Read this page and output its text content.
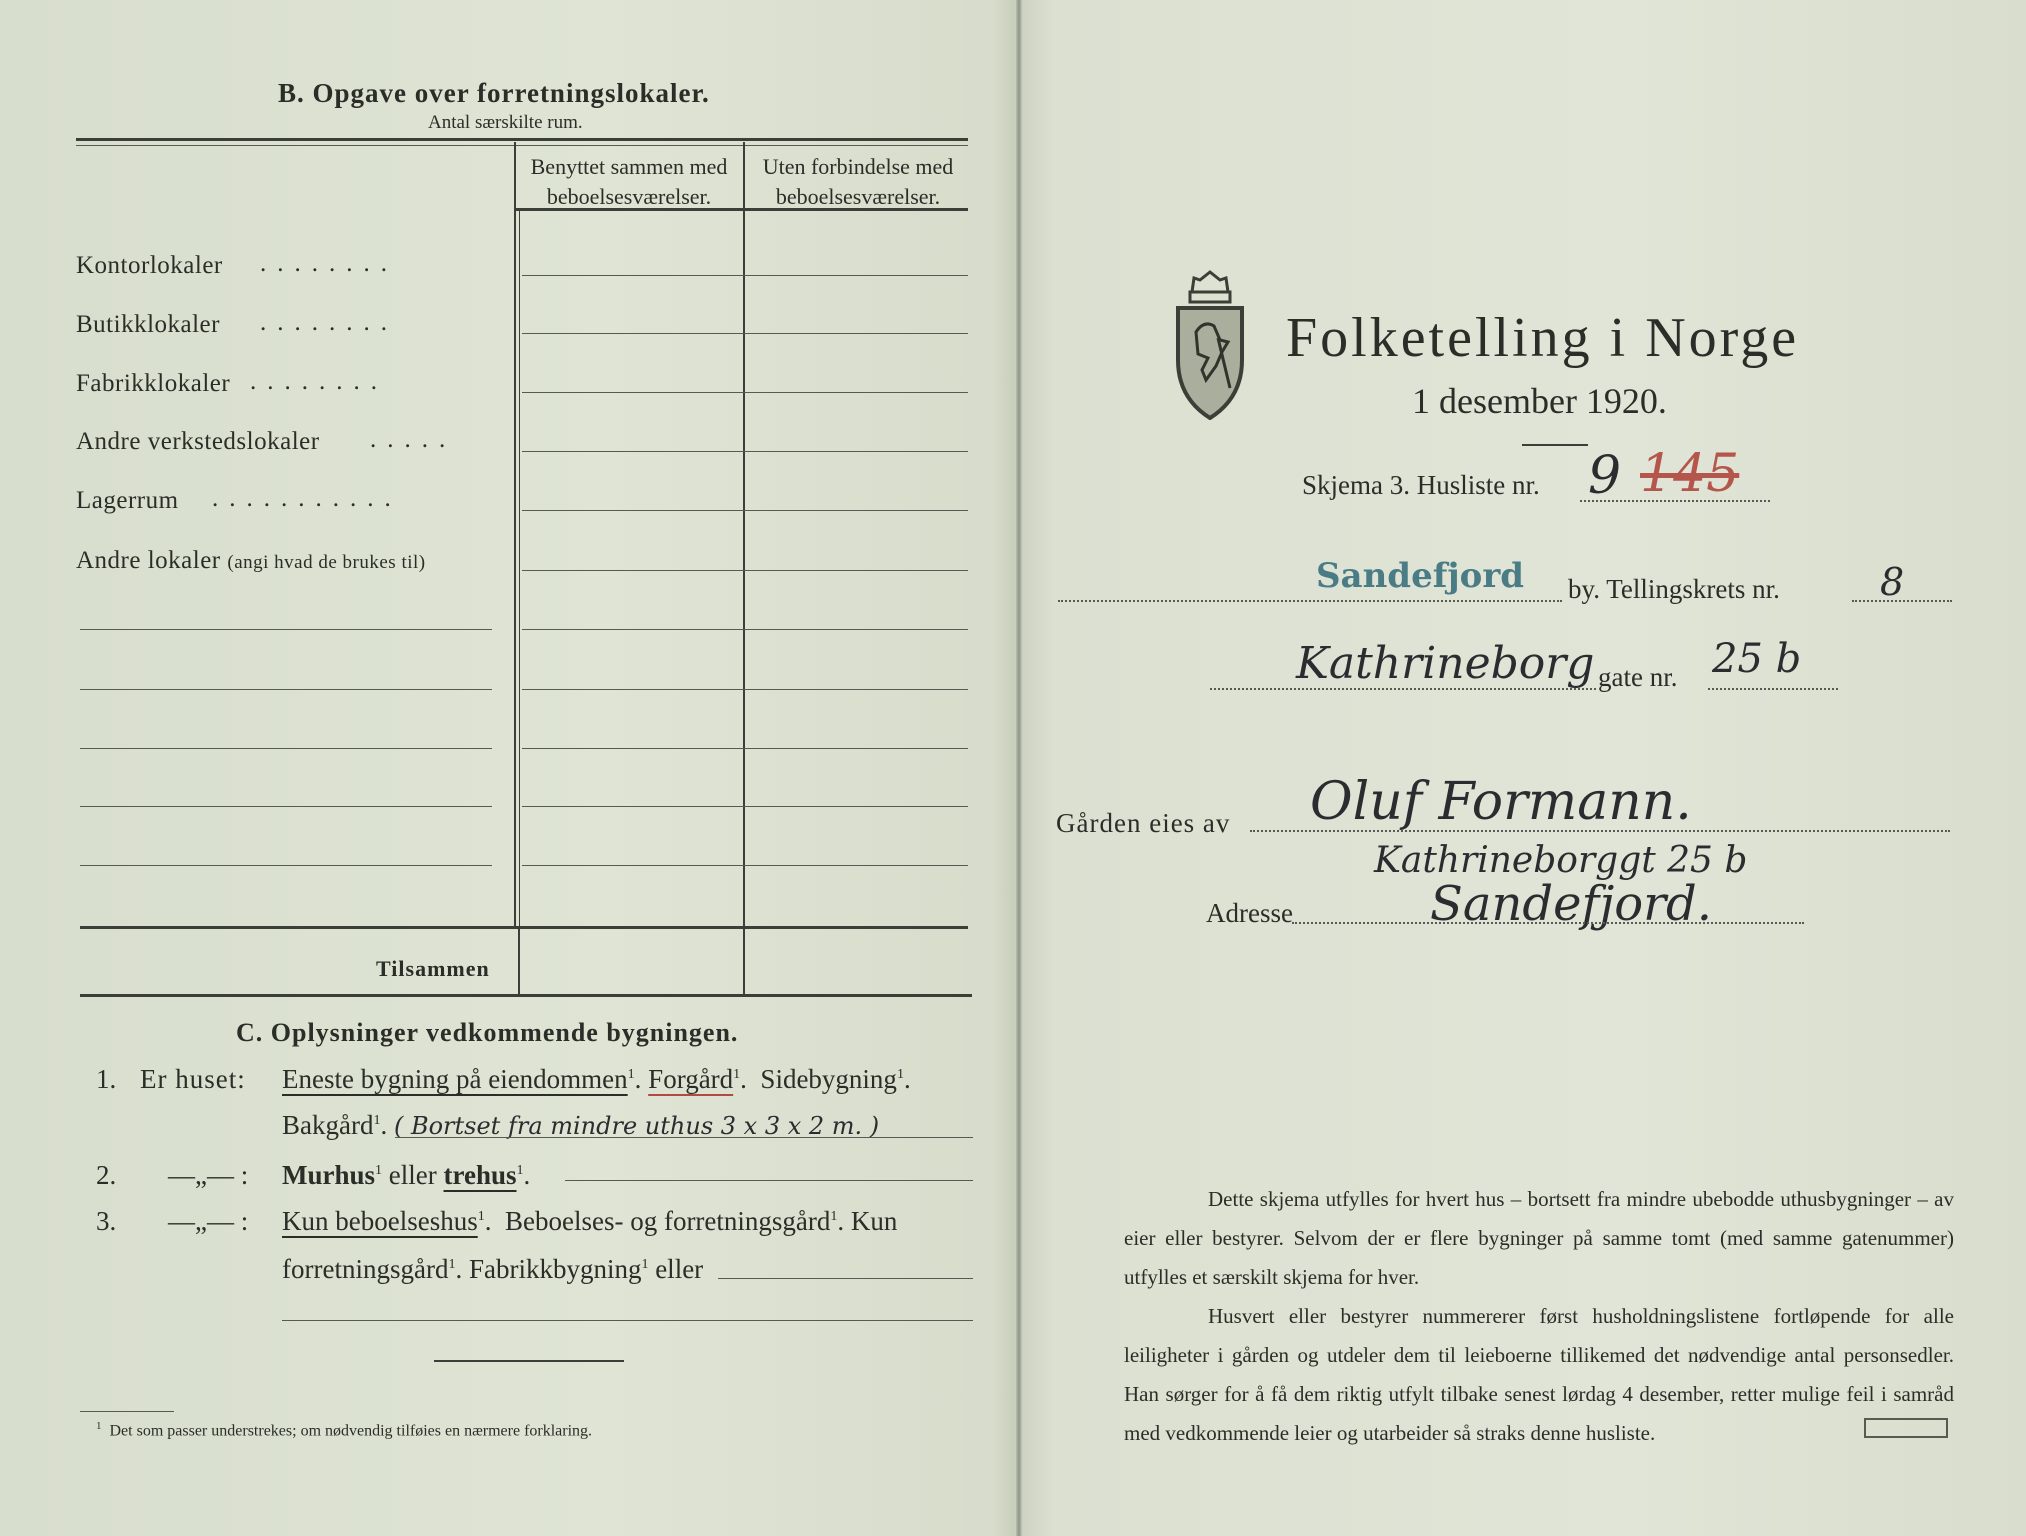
B. Opgave over forretningslokaler.
Antal særskilte rum.
Benyttet sammen med beboelsesværelser.
Uten forbindelse med beboelsesværelser.
Kontorlokaler ........
Butikklokaler ........
Fabrikklokaler ........
Andre verkstedslokaler .....
Lagerrum ...........
Andre lokaler (angi hvad de brukes til)
Tilsammen
C. Oplysninger vedkommende bygningen.
1. Er huset: Eneste bygning på eiendommen$^1$. Forgård$^1$.  Sidebygning$^1$.
Bakgård$^1$. ( Bortset fra mindre uthus 3 x 3 x 2 m. )
2. —„— : Murhus$^1$ eller trehus$^1$.
3. —„— : Kun beboelseshus$^1$.  Beboelses- og forretningsgård$^1$. Kun
forretningsgård$^1$. Fabrikkbygning$^1$ eller
$^1$ Det som passer understrekes; om nødvendig tilføies en nærmere forklaring.
Folketelling i Norge
1 desember 1920.
Skjema 3. Husliste nr. 9 145
Sandefjord by. Tellingskrets nr.	8
Kathrineborg gate nr. 25 b
Gården eies av Oluf Formann.
Kathrineborggt 25 b
Adresse	Sandefjord.
Dette skjema utfylles for hvert hus – bortsett fra mindre ubebodde uthusbygninger – av eier eller bestyrer. Selvom der er flere bygninger på samme tomt (med samme gatenummer) utfylles et særskilt skjema for hver.
Husvert eller bestyrer nummererer først husholdningslistene fortløpende for alle leiligheter i gården og utdeler dem til leieboerne tillikemed det nødvendige antal personsedler. Han sørger for å få dem riktig utfylt tilbake senest lørdag 4 desember, retter mulige feil i samråd med vedkommende leier og utarbeider så straks denne husliste.
